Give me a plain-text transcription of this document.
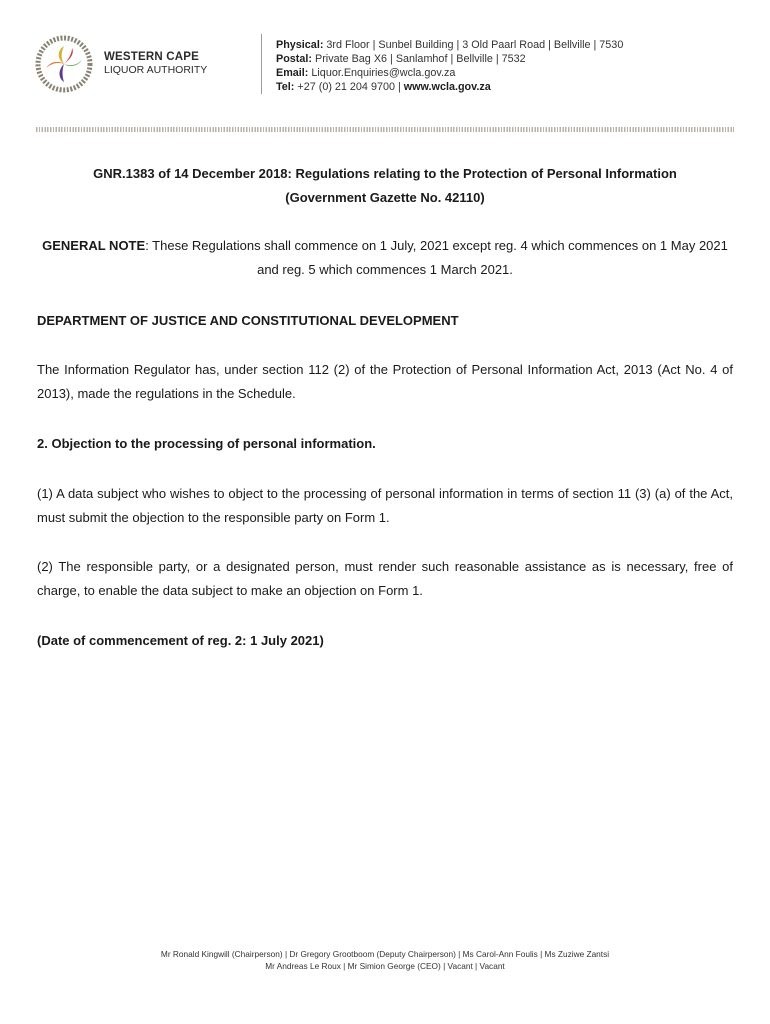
WESTERN CAPE
LIQUOR AUTHORITY
Physical: 3rd Floor | Sunbel Building | 3 Old Paarl Road | Bellville | 7530
Postal: Private Bag X6 | Sanlamhof | Bellville | 7532
Email: Liquor.Enquiries@wcla.gov.za
Tel: +27 (0) 21 204 9700 | www.wcla.gov.za

GNR.1383 of 14 December 2018: Regulations relating to the Protection of Personal Information
(Government Gazette No. 42110)

GENERAL NOTE: These Regulations shall commence on 1 July, 2021 except reg. 4 which commences on 1 May 2021 and reg. 5 which commences 1 March 2021.

DEPARTMENT OF JUSTICE AND CONSTITUTIONAL DEVELOPMENT

The Information Regulator has, under section 112 (2) of the Protection of Personal Information Act, 2013 (Act No. 4 of 2013), made the regulations in the Schedule.

2. Objection to the processing of personal information.

(1) A data subject who wishes to object to the processing of personal information in terms of section 11 (3) (a) of the Act, must submit the objection to the responsible party on Form 1.

(2) The responsible party, or a designated person, must render such reasonable assistance as is necessary, free of charge, to enable the data subject to make an objection on Form 1.

(Date of commencement of reg. 2: 1 July 2021)

Mr Ronald Kingwill (Chairperson) | Dr Gregory Grootboom (Deputy Chairperson) | Ms Carol-Ann Foulis | Ms Zuziwe Zantsi
Mr Andreas Le Roux | Mr Simion George (CEO) | Vacant | Vacant
